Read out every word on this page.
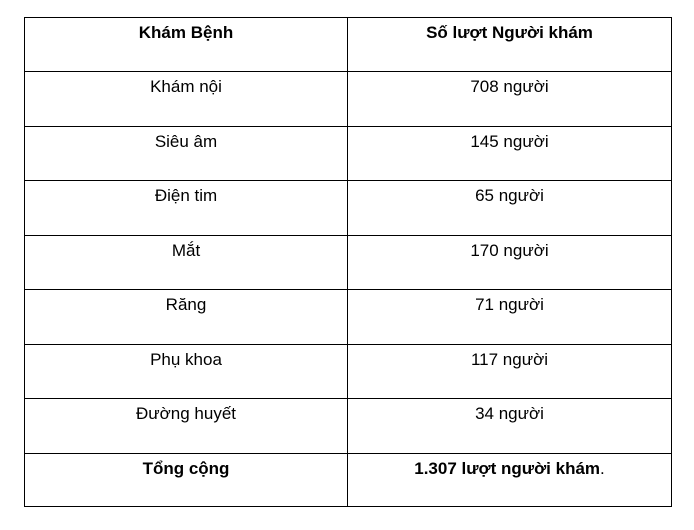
Khám Bệnh	Số lượt Người khám
Khám nội	708 người
Siêu âm	145 người
Điện tim	65 người
Mắt	170 người
Răng	71 người
Phụ khoa	117 người
Đường huyết	34 người
Tổng cộng	1.307 lượt người khám.
